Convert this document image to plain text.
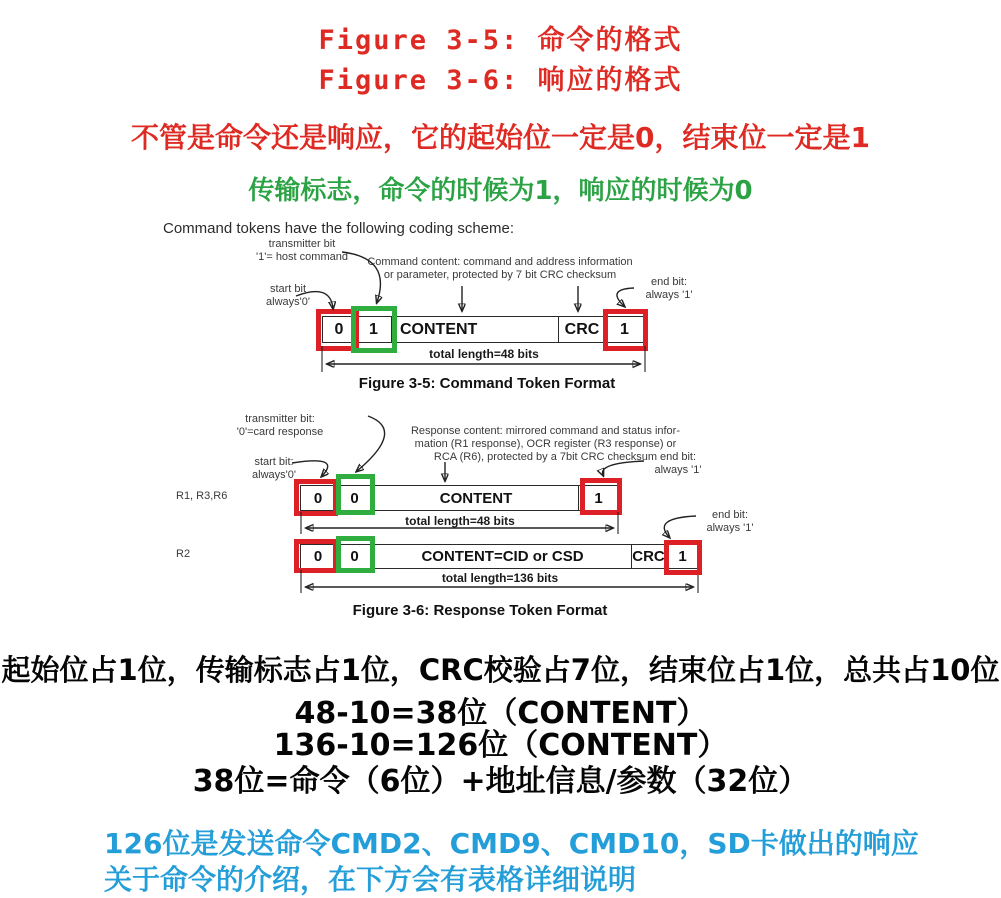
Figure 3-5: 命令的格式
Figure 3-6: 响应的格式
不管是命令还是响应，它的起始位一定是0，结束位一定是1
传输标志，命令的时候为1，响应的时候为0
Command tokens have the following coding scheme:
transmitter bit
'1'= host command
start bit
always'0'
Command content: command and address information
or parameter, protected by 7 bit CRC checksum
end bit:
always '1'
0	1	CONTENT	CRC	1
total length=48 bits
Figure 3-5: Command Token Format
transmitter bit:
'0'=card response
start bit:
always'0'
Response content: mirrored command and status infor-
mation (R1 response), OCR register (R3 response) or
RCA (R6), protected by a 7bit CRC checksum end bit:
always '1'
end bit:
always '1'
R1, R3,R6	0	0	CONTENT	1
total length=48 bits
R2	0	0	CONTENT=CID or CSD	CRC 1
total length=136 bits
Figure 3-6: Response Token Format
起始位占1位，传输标志占1位，CRC校验占7位，结束位占1位，总共占10位
48-10=38位（CONTENT）
136-10=126位（CONTENT）
38位=命令（6位）+地址信息/参数（32位）
126位是发送命令CMD2、CMD9、CMD10，SD卡做出的响应
关于命令的介绍，在下方会有表格详细说明
